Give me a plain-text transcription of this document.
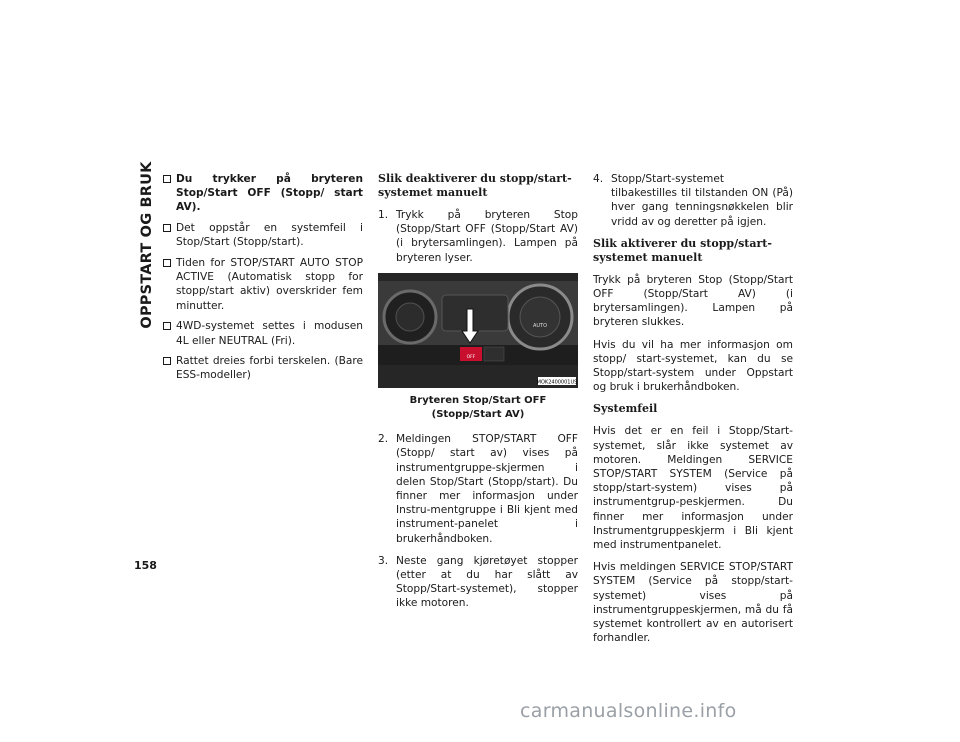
OPPSTART OG BRUK
158
Du trykker på bryteren Stop/Start OFF (Stopp/ start AV).
Det oppstår en systemfeil i Stop/Start (Stopp/start).
Tiden for STOP/START AUTO STOP ACTIVE (Automatisk stopp for stopp/start aktiv) overskrider fem minutter.
4WD-systemet settes i modusen 4L eller NEUTRAL (Fri).
Rattet dreies forbi terskelen. (Bare ESS-modeller)
Slik deaktiverer du stopp/start-systemet manuelt
1. Trykk på bryteren Stop (Stopp/Start OFF (Stopp/Start AV) (i brytersamlingen). Lampen på bryteren lyser.
MOK2400001US
AUTO
OFF
Bryteren Stop/Start OFF (Stopp/Start AV)
2. Meldingen STOP/START OFF (Stopp/ start av) vises på instrumentgruppe-skjermen i delen Stop/Start (Stopp/start). Du finner mer informasjon under Instru-mentgruppe i Bli kjent med instrument-panelet i brukerhåndboken.
3. Neste gang kjøretøyet stopper (etter at du har slått av Stopp/Start-systemet), stopper ikke motoren.
4. Stopp/Start-systemet tilbakestilles til tilstanden ON (På) hver gang tenningsnøkkelen blir vridd av og deretter på igjen.
Slik aktiverer du stopp/start-systemet manuelt

Trykk på bryteren Stop (Stopp/Start OFF (Stopp/Start AV) (i brytersamlingen). Lampen på bryteren slukkes.

Hvis du vil ha mer informasjon om stopp/ start-systemet, kan du se Stopp/start-system under Oppstart og bruk i brukerhåndboken.

Systemfeil

Hvis det er en feil i Stopp/Start-systemet, slår ikke systemet av motoren. Meldingen SERVICE STOP/START SYSTEM (Service på stopp/start-system) vises på instrumentgrup-peskjermen. Du finner mer informasjon under Instrumentgruppeskjerm i Bli kjent med instrumentpanelet.

Hvis meldingen SERVICE STOP/START SYSTEM (Service på stopp/start-systemet) vises på instrumentgruppeskjermen, må du få systemet kontrollert av en autorisert forhandler.

carmanualsonline.info
